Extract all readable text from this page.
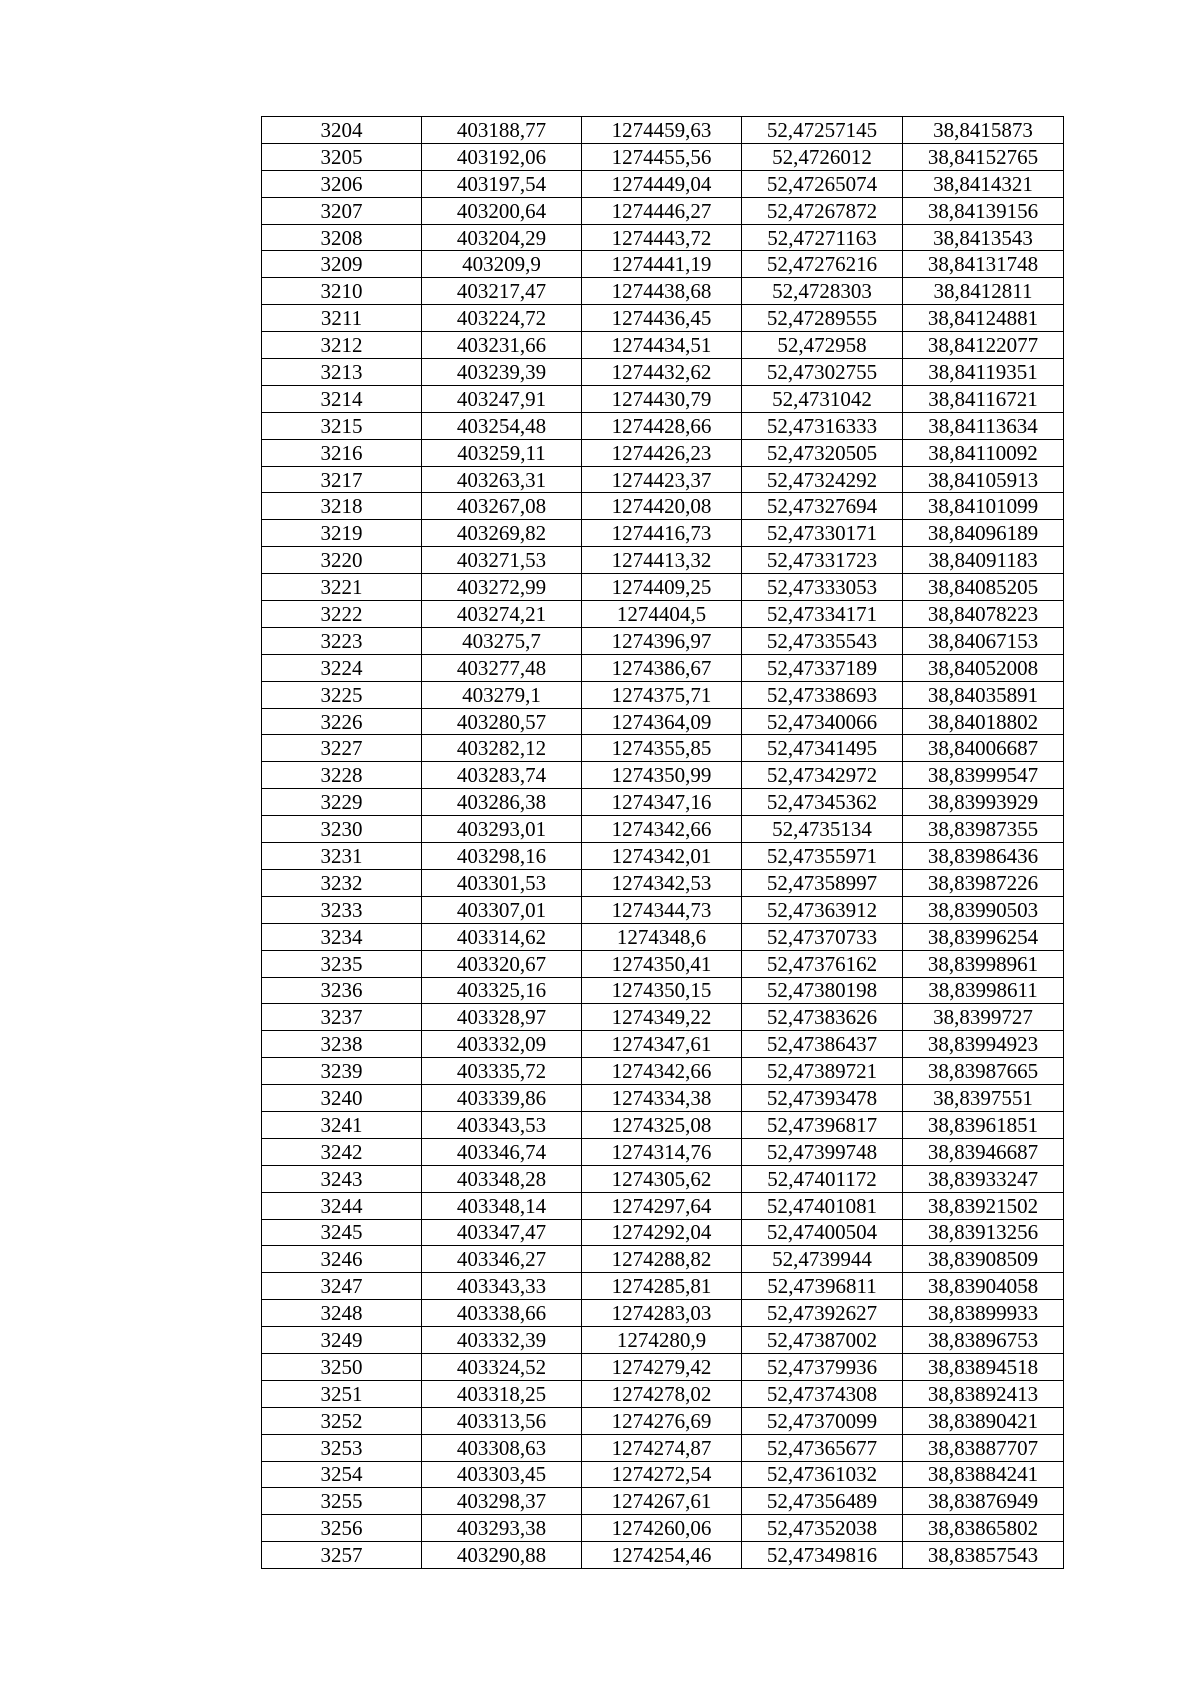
3204	403188,77	1274459,63	52,47257145	38,8415873
3205	403192,06	1274455,56	52,4726012	38,84152765
3206	403197,54	1274449,04	52,47265074	38,8414321
3207	403200,64	1274446,27	52,47267872	38,84139156
3208	403204,29	1274443,72	52,47271163	38,8413543
3209	403209,9	1274441,19	52,47276216	38,84131748
3210	403217,47	1274438,68	52,4728303	38,8412811
3211	403224,72	1274436,45	52,47289555	38,84124881
3212	403231,66	1274434,51	52,472958	38,84122077
3213	403239,39	1274432,62	52,47302755	38,84119351
3214	403247,91	1274430,79	52,4731042	38,84116721
3215	403254,48	1274428,66	52,47316333	38,84113634
3216	403259,11	1274426,23	52,47320505	38,84110092
3217	403263,31	1274423,37	52,47324292	38,84105913
3218	403267,08	1274420,08	52,47327694	38,84101099
3219	403269,82	1274416,73	52,47330171	38,84096189
3220	403271,53	1274413,32	52,47331723	38,84091183
3221	403272,99	1274409,25	52,47333053	38,84085205
3222	403274,21	1274404,5	52,47334171	38,84078223
3223	403275,7	1274396,97	52,47335543	38,84067153
3224	403277,48	1274386,67	52,47337189	38,84052008
3225	403279,1	1274375,71	52,47338693	38,84035891
3226	403280,57	1274364,09	52,47340066	38,84018802
3227	403282,12	1274355,85	52,47341495	38,84006687
3228	403283,74	1274350,99	52,47342972	38,83999547
3229	403286,38	1274347,16	52,47345362	38,83993929
3230	403293,01	1274342,66	52,4735134	38,83987355
3231	403298,16	1274342,01	52,47355971	38,83986436
3232	403301,53	1274342,53	52,47358997	38,83987226
3233	403307,01	1274344,73	52,47363912	38,83990503
3234	403314,62	1274348,6	52,47370733	38,83996254
3235	403320,67	1274350,41	52,47376162	38,83998961
3236	403325,16	1274350,15	52,47380198	38,83998611
3237	403328,97	1274349,22	52,47383626	38,8399727
3238	403332,09	1274347,61	52,47386437	38,83994923
3239	403335,72	1274342,66	52,47389721	38,83987665
3240	403339,86	1274334,38	52,47393478	38,8397551
3241	403343,53	1274325,08	52,47396817	38,83961851
3242	403346,74	1274314,76	52,47399748	38,83946687
3243	403348,28	1274305,62	52,47401172	38,83933247
3244	403348,14	1274297,64	52,47401081	38,83921502
3245	403347,47	1274292,04	52,47400504	38,83913256
3246	403346,27	1274288,82	52,4739944	38,83908509
3247	403343,33	1274285,81	52,47396811	38,83904058
3248	403338,66	1274283,03	52,47392627	38,83899933
3249	403332,39	1274280,9	52,47387002	38,83896753
3250	403324,52	1274279,42	52,47379936	38,83894518
3251	403318,25	1274278,02	52,47374308	38,83892413
3252	403313,56	1274276,69	52,47370099	38,83890421
3253	403308,63	1274274,87	52,47365677	38,83887707
3254	403303,45	1274272,54	52,47361032	38,83884241
3255	403298,37	1274267,61	52,47356489	38,83876949
3256	403293,38	1274260,06	52,47352038	38,83865802
3257	403290,88	1274254,46	52,47349816	38,83857543
